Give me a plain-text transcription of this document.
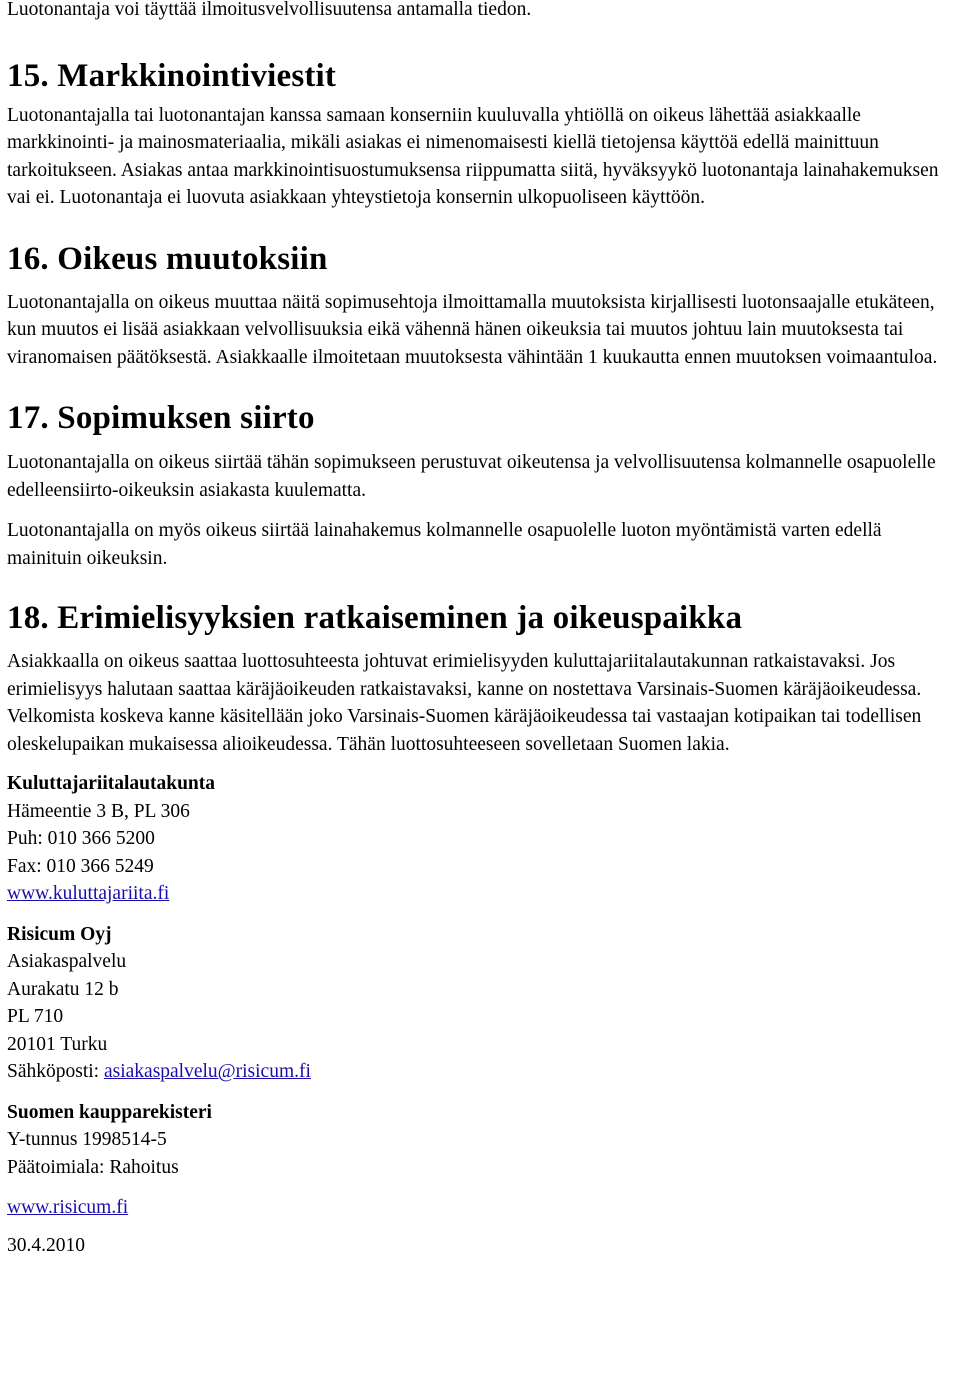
Luotonantaja voi täyttää ilmoitusvelvollisuutensa antamalla tiedon.

15. Markkinointiviestit

Luotonantajalla tai luotonantajan kanssa samaan konserniin kuuluvalla yhtiöllä on oikeus lähettää asiakkaalle markkinointi- ja mainosmateriaalia, mikäli asiakas ei nimenomaisesti kiellä tietojensa käyttöä edellä mainittuun tarkoitukseen. Asiakas antaa markkinointisuostumuksensa riippumatta siitä, hyväksyykö luotonantaja lainahakemuksen vai ei. Luotonantaja ei luovuta asiakkaan yhteystietoja konsernin ulkopuoliseen käyttöön.

16. Oikeus muutoksiin

Luotonantajalla on oikeus muuttaa näitä sopimusehtoja ilmoittamalla muutoksista kirjallisesti luotonsaajalle etukäteen, kun muutos ei lisää asiakkaan velvollisuuksia eikä vähennä hänen oikeuksia tai muutos johtuu lain muutoksesta tai viranomaisen päätöksestä. Asiakkaalle ilmoitetaan muutoksesta vähintään 1 kuukautta ennen muutoksen voimaantuloa.

17. Sopimuksen siirto

Luotonantajalla on oikeus siirtää tähän sopimukseen perustuvat oikeutensa ja velvollisuutensa kolmannelle osapuolelle edelleensiirto-oikeuksin asiakasta kuulematta.

Luotonantajalla on myös oikeus siirtää lainahakemus kolmannelle osapuolelle luoton myöntämistä varten edellä mainituin oikeuksin.

18. Erimielisyyksien ratkaiseminen ja oikeuspaikka

Asiakkaalla on oikeus saattaa luottosuhteesta johtuvat erimielisyyden kuluttajariitalautakunnan ratkaistavaksi. Jos erimielisyys halutaan saattaa käräjäoikeuden ratkaistavaksi, kanne on nostettava Varsinais-Suomen käräjäoikeudessa. Velkomista koskeva kanne käsitellään joko Varsinais-Suomen käräjäoikeudessa tai vastaajan kotipaikan tai todellisen oleskelupaikan mukaisessa alioikeudessa. Tähän luottosuhteeseen sovelletaan Suomen lakia.

Kuluttajariitalautakunta

Hämeentie 3 B, PL 306

Puh: 010 366 5200

Fax: 010 366 5249

www.kuluttajariita.fi

Risicum Oyj

Asiakaspalvelu

Aurakatu 12 b

PL 710

20101 Turku

Sähköposti: asiakaspalvelu@risicum.fi

Suomen kaupparekisteri

Y-tunnus 1998514-5

Päätoimiala: Rahoitus

www.risicum.fi

30.4.2010
